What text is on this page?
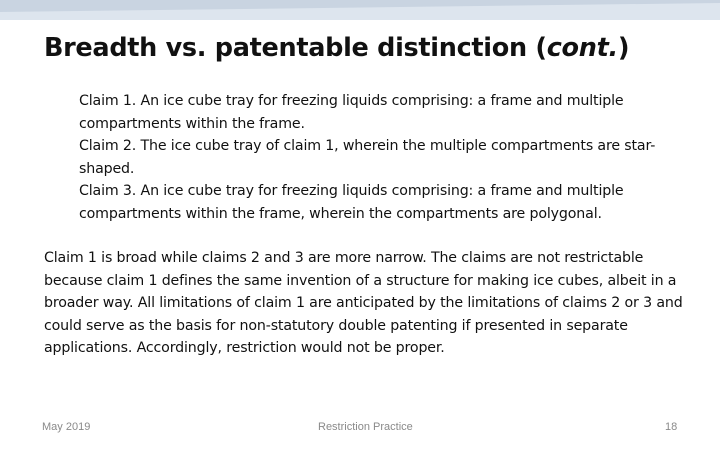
Breadth vs. patentable distinction (cont.)

Claim 1. An ice cube tray for freezing liquids comprising: a frame and multiple compartments within the frame.

Claim 2. The ice cube tray of claim 1, wherein the multiple compartments are star-shaped.

Claim 3. An ice cube tray for freezing liquids comprising: a frame and multiple compartments within the frame, wherein the compartments are polygonal.

Claim 1 is broad while claims 2 and 3 are more narrow. The claims are not restrictable because claim 1 defines the same invention of a structure for making ice cubes, albeit in a broader way. All limitations of claim 1 are anticipated by the limitations of claims 2 or 3 and could serve as the basis for non-statutory double patenting if presented in separate applications. Accordingly, restriction would not be proper.
May 2019	Restriction Practice	18
